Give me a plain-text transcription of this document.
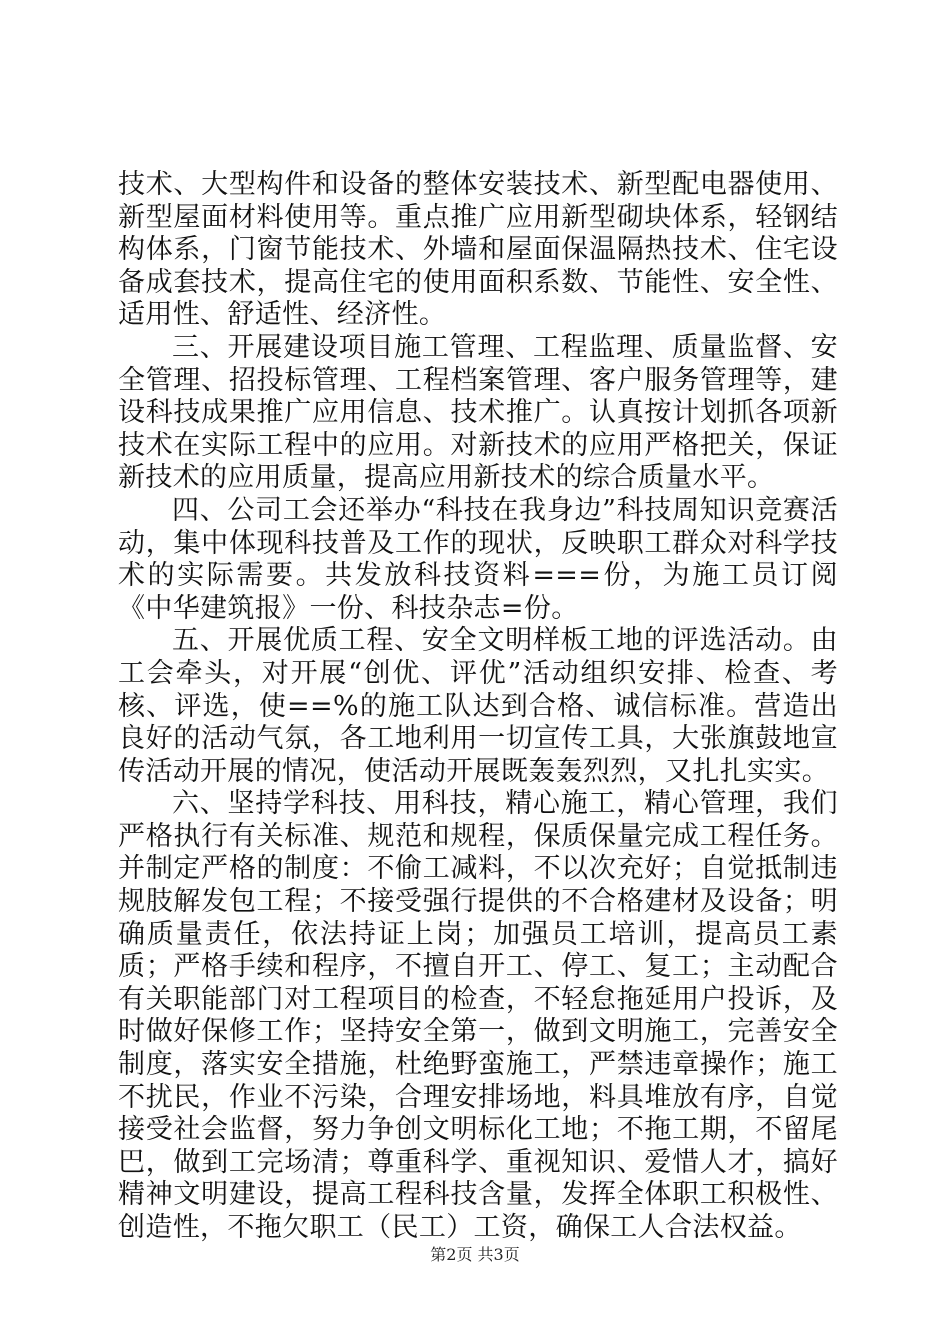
技术、大型构件和设备的整体安装技术、新型配电器使用、新型屋面材料使用等。重点推广应用新型砌块体系，轻钢结构体系，门窗节能技术、外墙和屋面保温隔热技术、住宅设备成套技术，提高住宅的使用面积系数、节能性、安全性、适用性、舒适性、经济性。

三、开展建设项目施工管理、工程监理、质量监督、安全管理、招投标管理、工程档案管理、客户服务管理等，建设科技成果推广应用信息、技术推广。认真按计划抓各项新技术在实际工程中的应用。对新技术的应用严格把关，保证新技术的应用质量，提高应用新技术的综合质量水平。

四、公司工会还举办“科技在我身边”科技周知识竞赛活动，集中体现科技普及工作的现状，反映职工群众对科学技术的实际需要。共发放科技资料===份，为施工员订阅《中华建筑报》一份、科技杂志=份。

五、开展优质工程、安全文明样板工地的评选活动。由工会牵头，对开展“创优、评优”活动组织安排、检查、考核、评选，使==%的施工队达到合格、诚信标准。营造出良好的活动气氛，各工地利用一切宣传工具，大张旗鼓地宣传活动开展的情况，使活动开展既轰轰烈烈，又扎扎实实。

六、坚持学科技、用科技，精心施工，精心管理，我们严格执行有关标准、规范和规程，保质保量完成工程任务。并制定严格的制度：不偷工减料，不以次充好；自觉抵制违规肢解发包工程；不接受强行提供的不合格建材及设备；明确质量责任，依法持证上岗；加强员工培训，提高员工素质；严格手续和程序，不擅自开工、停工、复工；主动配合有关职能部门对工程项目的检查，不轻怠拖延用户投诉，及时做好保修工作；坚持安全第一，做到文明施工，完善安全制度，落实安全措施，杜绝野蛮施工，严禁违章操作；施工不扰民，作业不污染，合理安排场地，料具堆放有序，自觉接受社会监督，努力争创文明标化工地；不拖工期，不留尾巴，做到工完场清；尊重科学、重视知识、爱惜人才，搞好精神文明建设，提高工程科技含量，发挥全体职工积极性、创造性，不拖欠职工（民工）工资，确保工人合法权益。

第2页 共3页
